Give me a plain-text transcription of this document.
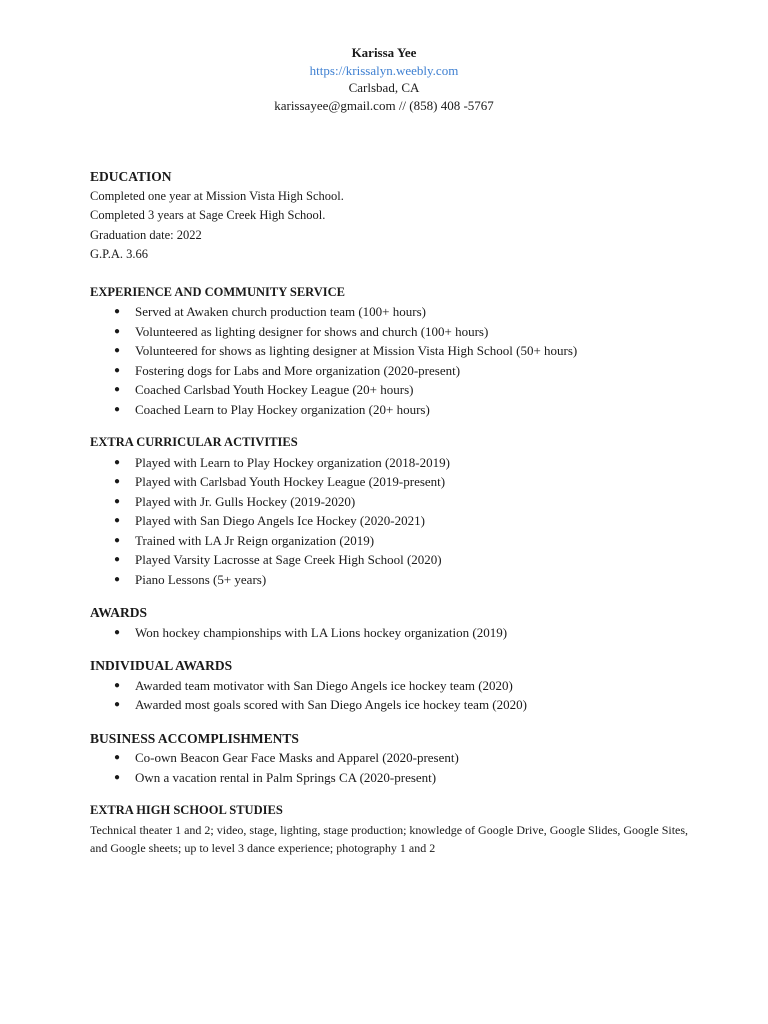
Karissa Yee
https://krissalyn.weebly.com
Carlsbad, CA
karissayee@gmail.com // (858) 408 -5767
EDUCATION
Completed one year at Mission Vista High School.
Completed 3 years at Sage Creek High School.
Graduation date: 2022
G.P.A. 3.66
EXPERIENCE AND COMMUNITY SERVICE
● Served at Awaken church production team (100+ hours)
● Volunteered as lighting designer for shows and church (100+ hours)
● Volunteered for shows as lighting designer at Mission Vista High School (50+ hours)
● Fostering dogs for Labs and More organization (2020-present)
● Coached Carlsbad Youth Hockey League (20+ hours)
● Coached Learn to Play Hockey organization (20+ hours)
EXTRA CURRICULAR ACTIVITIES
● Played with Learn to Play Hockey organization (2018-2019)
● Played with Carlsbad Youth Hockey League (2019-present)
● Played with Jr. Gulls Hockey (2019-2020)
● Played with San Diego Angels Ice Hockey (2020-2021)
● Trained with LA Jr Reign organization (2019)
● Played Varsity Lacrosse at Sage Creek High School (2020)
● Piano Lessons (5+ years)
AWARDS
● Won hockey championships with LA Lions hockey organization (2019)
INDIVIDUAL AWARDS
● Awarded team motivator with San Diego Angels ice hockey team (2020)
● Awarded most goals scored with San Diego Angels ice hockey team (2020)
BUSINESS ACCOMPLISHMENTS
● Co-own Beacon Gear Face Masks and Apparel (2020-present)
● Own a vacation rental in Palm Springs CA (2020-present)
EXTRA HIGH SCHOOL STUDIES
Technical theater 1 and 2; video, stage, lighting, stage production; knowledge of Google Drive, Google Slides, Google Sites, and Google sheets; up to level 3 dance experience; photography 1 and 2
